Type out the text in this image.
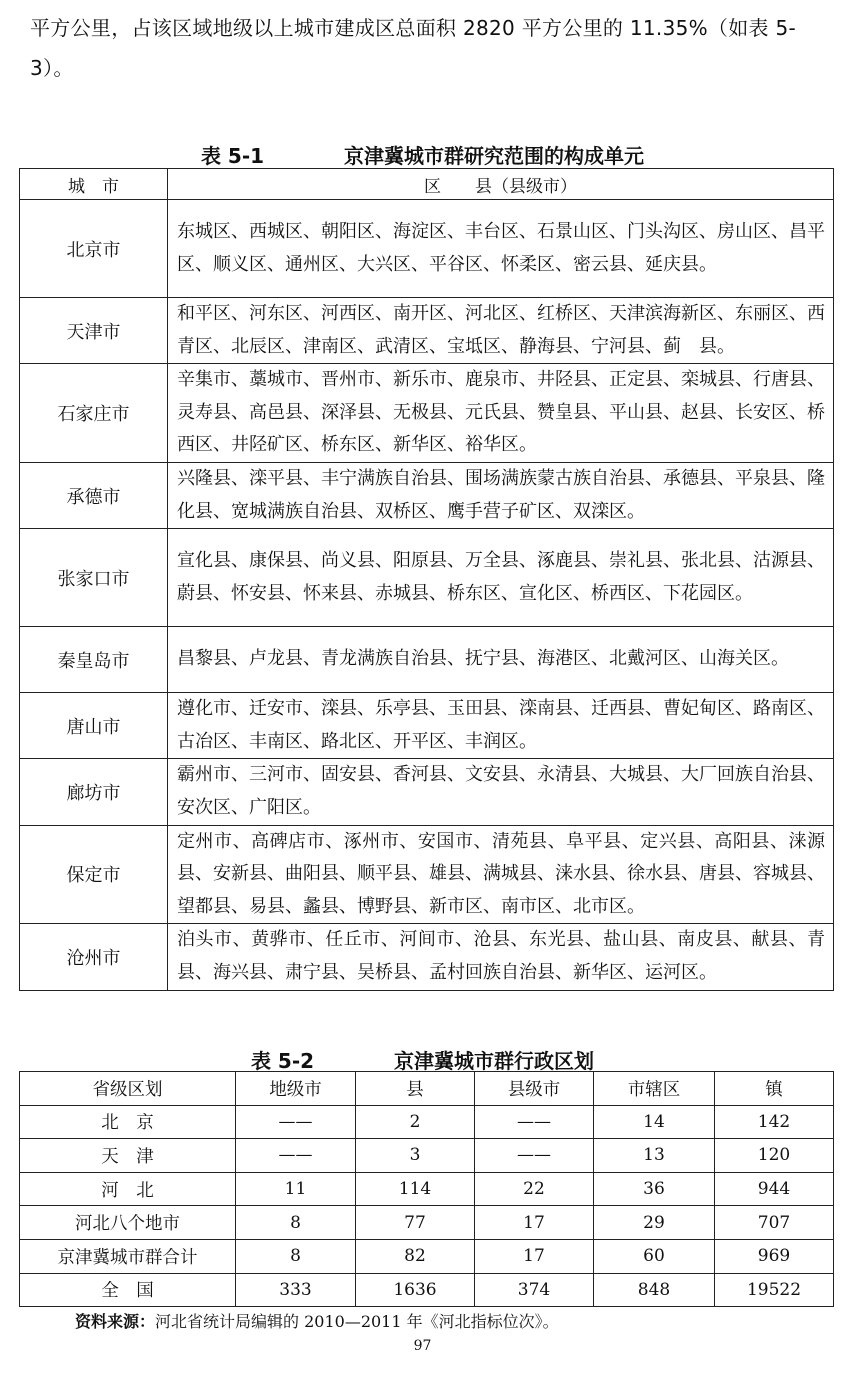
平方公里，占该区域地级以上城市建成区总面积 2820 平方公里的 11.35%（如表 5-3）。
表 5-1	京津冀城市群研究范围的构成单元
城　市	区　　县（县级市）
北京市	东城区、西城区、朝阳区、海淀区、丰台区、石景山区、门头沟区、房山区、昌平区、顺义区、通州区、大兴区、平谷区、怀柔区、密云县、延庆县。
天津市	和平区、河东区、河西区、南开区、河北区、红桥区、天津滨海新区、东丽区、西青区、北辰区、津南区、武清区、宝坻区、静海县、宁河县、蓟　县。
石家庄市	辛集市、藁城市、晋州市、新乐市、鹿泉市、井陉县、正定县、栾城县、行唐县、灵寿县、高邑县、深泽县、无极县、元氏县、赞皇县、平山县、赵县、长安区、桥西区、井陉矿区、桥东区、新华区、裕华区。
承德市	兴隆县、滦平县、丰宁满族自治县、围场满族蒙古族自治县、承德县、平泉县、隆化县、宽城满族自治县、双桥区、鹰手营子矿区、双滦区。
张家口市	宣化县、康保县、尚义县、阳原县、万全县、涿鹿县、崇礼县、张北县、沽源县、蔚县、怀安县、怀来县、赤城县、桥东区、宣化区、桥西区、下花园区。
秦皇岛市	昌黎县、卢龙县、青龙满族自治县、抚宁县、海港区、北戴河区、山海关区。
唐山市	遵化市、迁安市、滦县、乐亭县、玉田县、滦南县、迁西县、曹妃甸区、路南区、古冶区、丰南区、路北区、开平区、丰润区。
廊坊市	霸州市、三河市、固安县、香河县、文安县、永清县、大城县、大厂回族自治县、安次区、广阳区。
保定市	定州市、高碑店市、涿州市、安国市、清苑县、阜平县、定兴县、高阳县、涞源县、安新县、曲阳县、顺平县、雄县、满城县、涞水县、徐水县、唐县、容城县、望都县、易县、蠡县、博野县、新市区、南市区、北市区。
沧州市	泊头市、黄骅市、任丘市、河间市、沧县、东光县、盐山县、南皮县、献县、青县、海兴县、肃宁县、吴桥县、孟村回族自治县、新华区、运河区。
表 5-2	京津冀城市群行政区划
省级区划	地级市	县	县级市	市辖区	镇
北　京	——	2	——	14	142
天　津	——	3	——	13	120
河　北	11	114	22	36	944
河北八个地市	8	77	17	29	707
京津冀城市群合计	8	82	17	60	969
全　国	333	1636	374	848	19522
资料来源：河北省统计局编辑的 2010—2011 年《河北指标位次》。
97
